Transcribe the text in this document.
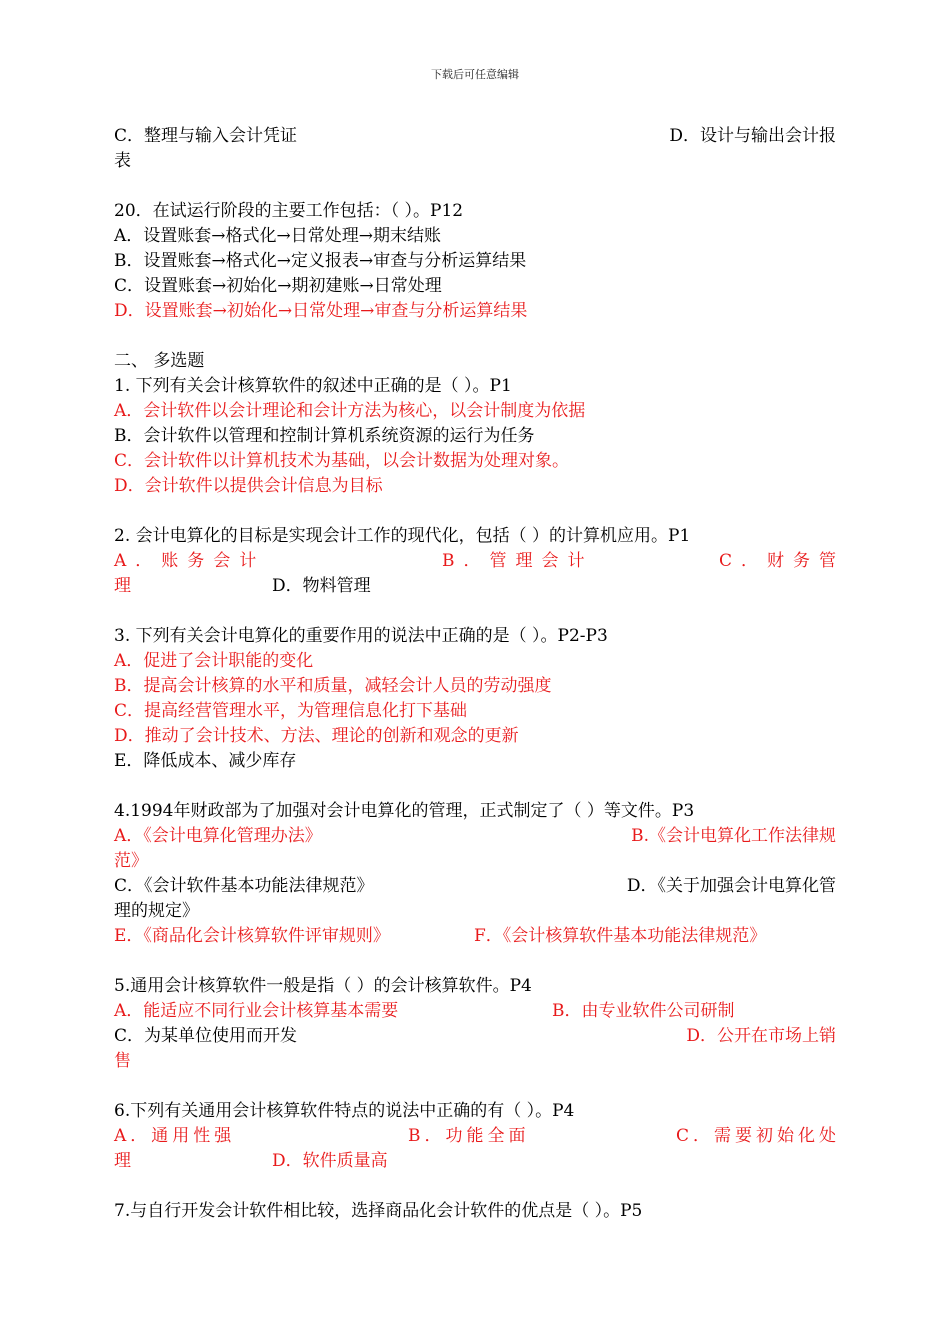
下载后可任意编辑
C．整理与输入会计凭证	D．设计与输出会计报
表
20．在试运行阶段的主要工作包括：（ ）。P12
A．设置账套→格式化→日常处理→期末结账
B．设置账套→格式化→定义报表→审查与分析运算结果
C．设置账套→初始化→期初建账→日常处理
D．设置账套→初始化→日常处理→审查与分析运算结果
二、 多选题
1. 下列有关会计核算软件的叙述中正确的是（ ）。P1
A．会计软件以会计理论和会计方法为核心，以会计制度为依据
B．会计软件以管理和控制计算机系统资源的运行为任务
C．会计软件以计算机技术为基础，以会计数据为处理对象。
D．会计软件以提供会计信息为目标
2. 会计电算化的目标是实现会计工作的现代化，包括（ ）的计算机应用。P1
A．账务会计	B．管理会计	C．财务管
理	D．物料管理
3. 下列有关会计电算化的重要作用的说法中正确的是（ ）。P2-P3
A．促进了会计职能的变化
B．提高会计核算的水平和质量，减轻会计人员的劳动强度
C．提高经营管理水平，为管理信息化打下基础
D．推动了会计技术、方法、理论的创新和观念的更新
E．降低成本、减少库存
4.1994年财政部为了加强对会计电算化的管理，正式制定了（ ）等文件。P3
A．《会计电算化管理办法》	B.《会计电算化工作法律规
范》
C．《会计软件基本功能法律规范》	D．《关于加强会计电算化管
理的规定》
E．《商品化会计核算软件评审规则》	F．《会计核算软件基本功能法律规范》
5.通用会计核算软件一般是指（ ）的会计核算软件。P4
A．能适应不同行业会计核算基本需要	B．由专业软件公司研制
C．为某单位使用而开发	D．公开在市场上销
售
6.下列有关通用会计核算软件特点的说法中正确的有（ ）。P4
A．通用性强	B．功能全面	C．需要初始化处
理	D．软件质量高
7.与自行开发会计软件相比较，选择商品化会计软件的优点是（ ）。P5
